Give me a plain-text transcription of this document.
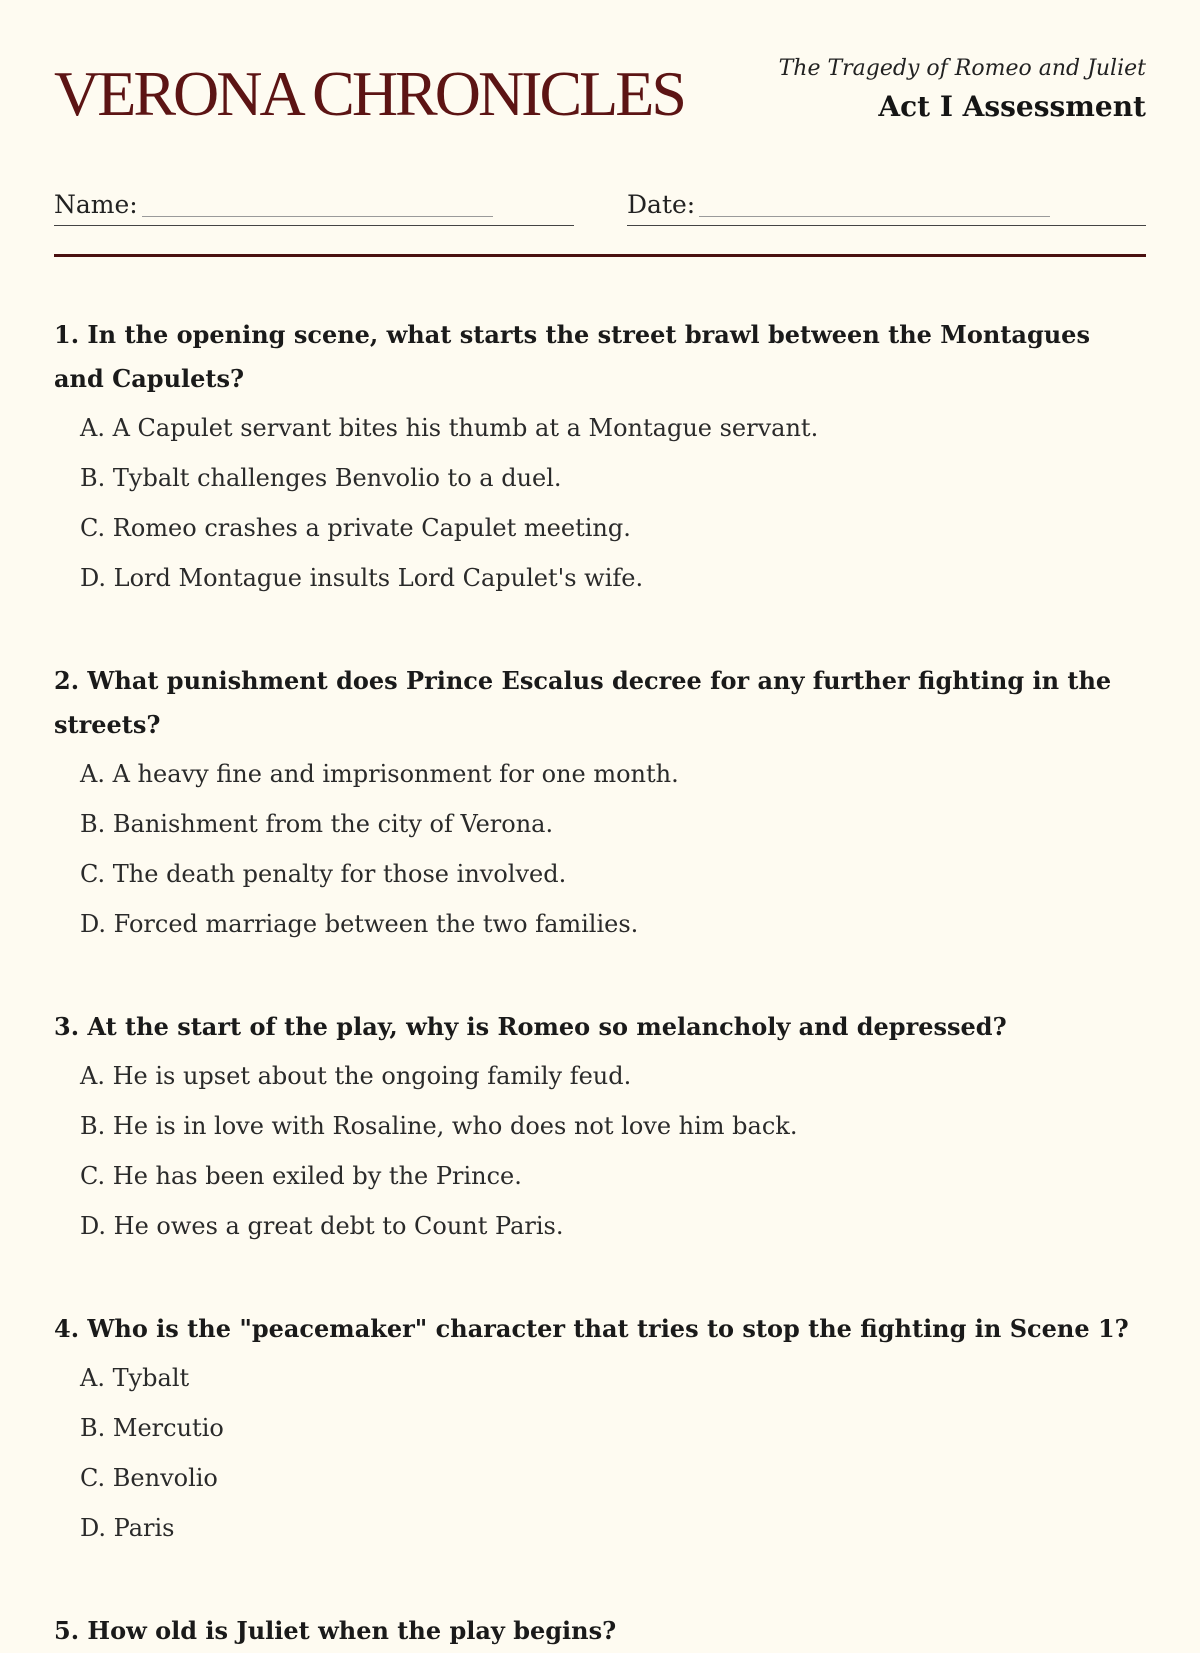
VERONA CHRONICLES	The Tragedy of Romeo and Juliet
Act I Assessment
Name:	Date:

1. In the opening scene, what starts the street brawl between the Montagues and Capulets?

A. A Capulet servant bites his thumb at a Montague servant.
B. Tybalt challenges Benvolio to a duel.
C. Romeo crashes a private Capulet meeting.
D. Lord Montague insults Lord Capulet's wife.

2. What punishment does Prince Escalus decree for any further fighting in the streets?

A. A heavy fine and imprisonment for one month.
B. Banishment from the city of Verona.
C. The death penalty for those involved.
D. Forced marriage between the two families.

3. At the start of the play, why is Romeo so melancholy and depressed?

A. He is upset about the ongoing family feud.
B. He is in love with Rosaline, who does not love him back.
C. He has been exiled by the Prince.
D. He owes a great debt to Count Paris.

4. Who is the "peacemaker" character that tries to stop the fighting in Scene 1?

A. Tybalt
B. Mercutio
C. Benvolio
D. Paris

5. How old is Juliet when the play begins?
